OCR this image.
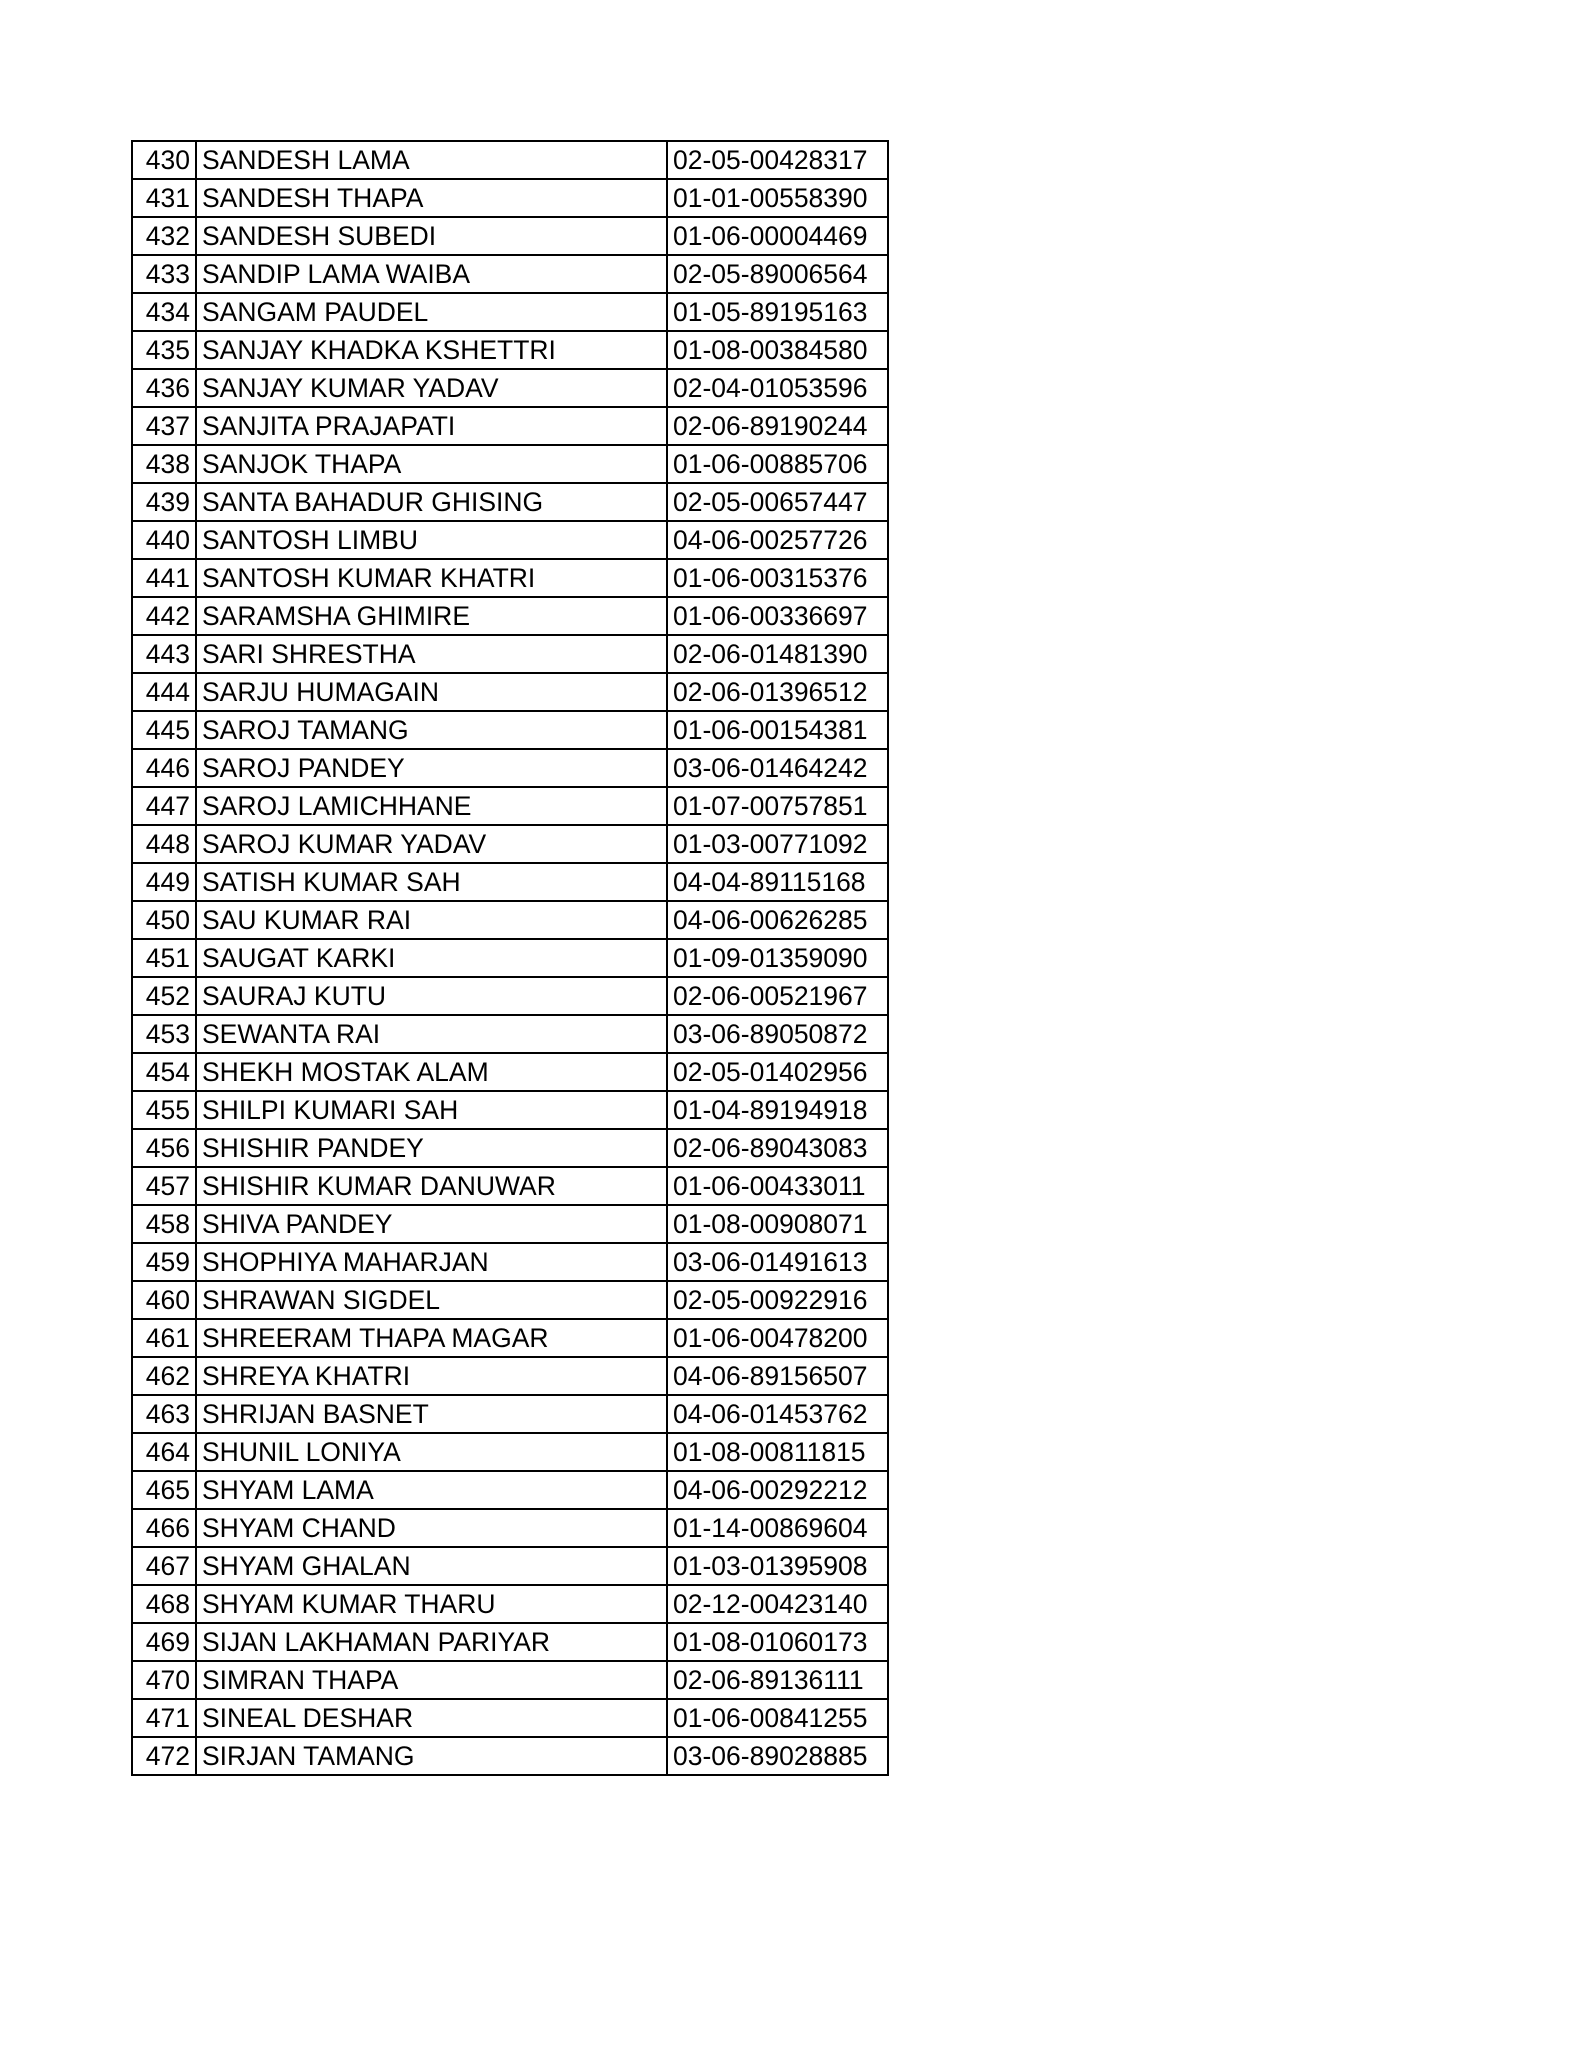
430	SANDESH LAMA	02-05-00428317
431	SANDESH THAPA	01-01-00558390
432	SANDESH SUBEDI	01-06-00004469
433	SANDIP LAMA WAIBA	02-05-89006564
434	SANGAM PAUDEL	01-05-89195163
435	SANJAY KHADKA KSHETTRI	01-08-00384580
436	SANJAY KUMAR YADAV	02-04-01053596
437	SANJITA PRAJAPATI	02-06-89190244
438	SANJOK THAPA	01-06-00885706
439	SANTA BAHADUR GHISING	02-05-00657447
440	SANTOSH LIMBU	04-06-00257726
441	SANTOSH KUMAR KHATRI	01-06-00315376
442	SARAMSHA GHIMIRE	01-06-00336697
443	SARI SHRESTHA	02-06-01481390
444	SARJU HUMAGAIN	02-06-01396512
445	SAROJ TAMANG	01-06-00154381
446	SAROJ PANDEY	03-06-01464242
447	SAROJ LAMICHHANE	01-07-00757851
448	SAROJ KUMAR YADAV	01-03-00771092
449	SATISH KUMAR SAH	04-04-89115168
450	SAU KUMAR RAI	04-06-00626285
451	SAUGAT KARKI	01-09-01359090
452	SAURAJ KUTU	02-06-00521967
453	SEWANTA RAI	03-06-89050872
454	SHEKH MOSTAK ALAM	02-05-01402956
455	SHILPI KUMARI SAH	01-04-89194918
456	SHISHIR PANDEY	02-06-89043083
457	SHISHIR KUMAR DANUWAR	01-06-00433011
458	SHIVA PANDEY	01-08-00908071
459	SHOPHIYA MAHARJAN	03-06-01491613
460	SHRAWAN SIGDEL	02-05-00922916
461	SHREERAM THAPA MAGAR	01-06-00478200
462	SHREYA KHATRI	04-06-89156507
463	SHRIJAN BASNET	04-06-01453762
464	SHUNIL LONIYA	01-08-00811815
465	SHYAM LAMA	04-06-00292212
466	SHYAM CHAND	01-14-00869604
467	SHYAM GHALAN	01-03-01395908
468	SHYAM KUMAR THARU	02-12-00423140
469	SIJAN LAKHAMAN PARIYAR	01-08-01060173
470	SIMRAN THAPA	02-06-89136111
471	SINEAL DESHAR	01-06-00841255
472	SIRJAN TAMANG	03-06-89028885
